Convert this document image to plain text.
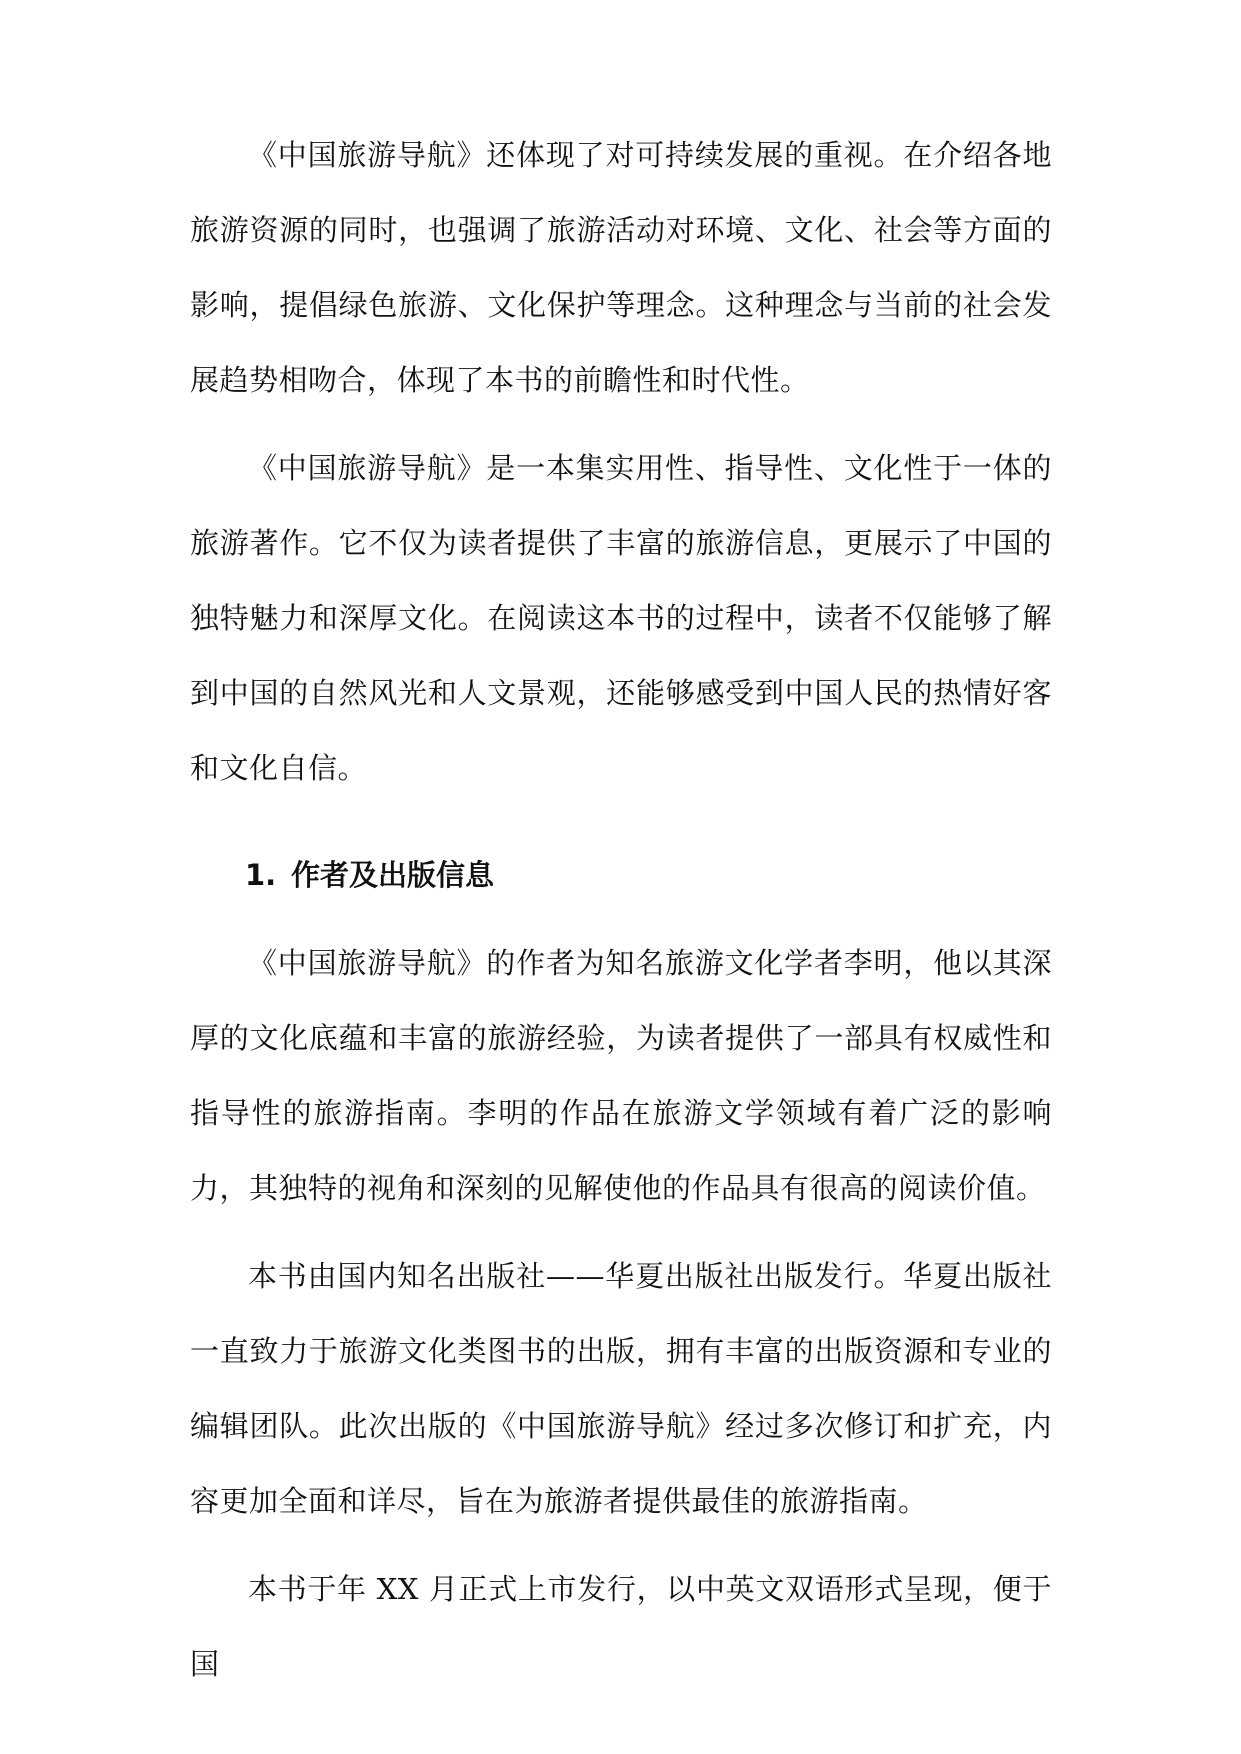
《中国旅游导航》还体现了对可持续发展的重视。在介绍各地旅游资源的同时，也强调了旅游活动对环境、文化、社会等方面的影响，提倡绿色旅游、文化保护等理念。这种理念与当前的社会发展趋势相吻合，体现了本书的前瞻性和时代性。

《中国旅游导航》是一本集实用性、指导性、文化性于一体的旅游著作。它不仅为读者提供了丰富的旅游信息，更展示了中国的独特魅力和深厚文化。在阅读这本书的过程中，读者不仅能够了解到中国的自然风光和人文景观，还能够感受到中国人民的热情好客和文化自信。

1. 作者及出版信息

《中国旅游导航》的作者为知名旅游文化学者李明，他以其深厚的文化底蕴和丰富的旅游经验，为读者提供了一部具有权威性和指导性的旅游指南。李明的作品在旅游文学领域有着广泛的影响力，其独特的视角和深刻的见解使他的作品具有很高的阅读价值。

本书由国内知名出版社——华夏出版社出版发行。华夏出版社一直致力于旅游文化类图书的出版，拥有丰富的出版资源和专业的编辑团队。此次出版的《中国旅游导航》经过多次修订和扩充，内容更加全面和详尽，旨在为旅游者提供最佳的旅游指南。

本书于年 XX 月正式上市发行，以中英文双语形式呈现，便于国
